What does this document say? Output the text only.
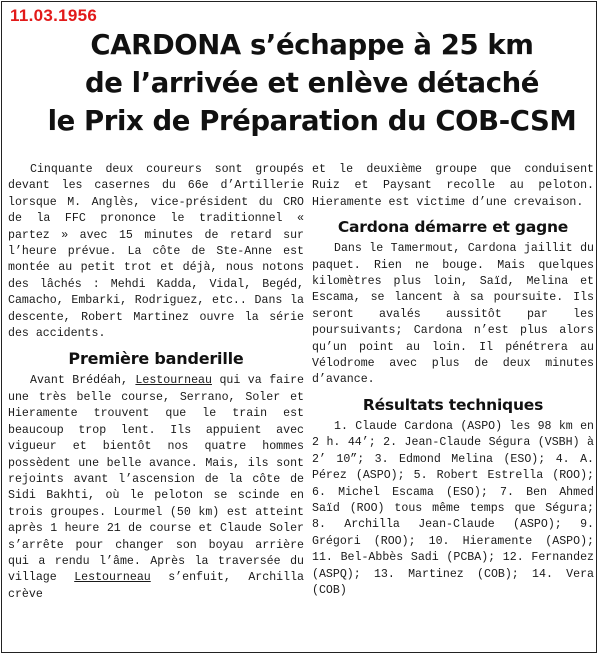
11.03.1956
CARDONA s’échappe à 25 km
de l’arrivée et enlève détaché
le Prix de Préparation du COB-CSM

Cinquante deux coureurs sont groupés devant les casernes du 66e d’Artillerie lorsque M. Anglès, vice-président du CRO de la FFC prononce le traditionnel « partez » avec 15 minutes de retard sur l’heure prévue. La côte de Ste-Anne est montée au petit trot et déjà, nous notons des lâchés : Mehdi Kadda, Vidal, Begéd, Camacho, Embarki, Rodriguez, etc.. Dans la descente, Robert Martinez ouvre la série des accidents.

Première banderille

Avant Brédéah, Lestourneau qui va faire une très belle course, Serrano, Soler et Hieramente trouvent que le train est beaucoup trop lent. Ils appuient avec vigueur et bientôt nos quatre hommes possèdent une belle avance. Mais, ils sont rejoints avant l’ascension de la côte de Sidi Bakhti, où le peloton se scinde en trois groupes. Lourmel (50 km) est atteint après 1 heure 21 de course et Claude Soler s’arrête pour changer son boyau arrière qui a rendu l’âme. Après la traversée du village Lestourneau s’enfuit, Archilla crève

et le deuxième groupe que conduisent Ruiz et Paysant recolle au peloton. Hieramente est victime d’une crevaison.

Cardona démarre et gagne

Dans le Tamermout, Cardona jaillit du paquet. Rien ne bouge. Mais quelques kilomètres plus loin, Saïd, Melina et Escama, se lancent à sa poursuite. Ils seront avalés aussitôt par les poursuivants; Cardona n’est plus alors qu’un point au loin. Il pénétrera au Vélodrome avec plus de deux minutes d’avance.

Résultats techniques

1. Claude Cardona (ASPO) les 98 km en 2 h. 44’; 2. Jean-Claude Ségura (VSBH) à 2’ 10”; 3. Edmond Melina (ESO); 4. A. Pérez (ASPO); 5. Robert Estrella (ROO); 6. Michel Escama (ESO); 7. Ben Ahmed Saïd (ROO) tous même temps que Ségura; 8. Archilla Jean-Claude (ASPO); 9. Grégori (ROO); 10. Hieramente (ASPO); 11. Bel-Abbès Sadi (PCBA); 12. Fernandez (ASPQ); 13. Martinez (COB); 14. Vera (COB)
